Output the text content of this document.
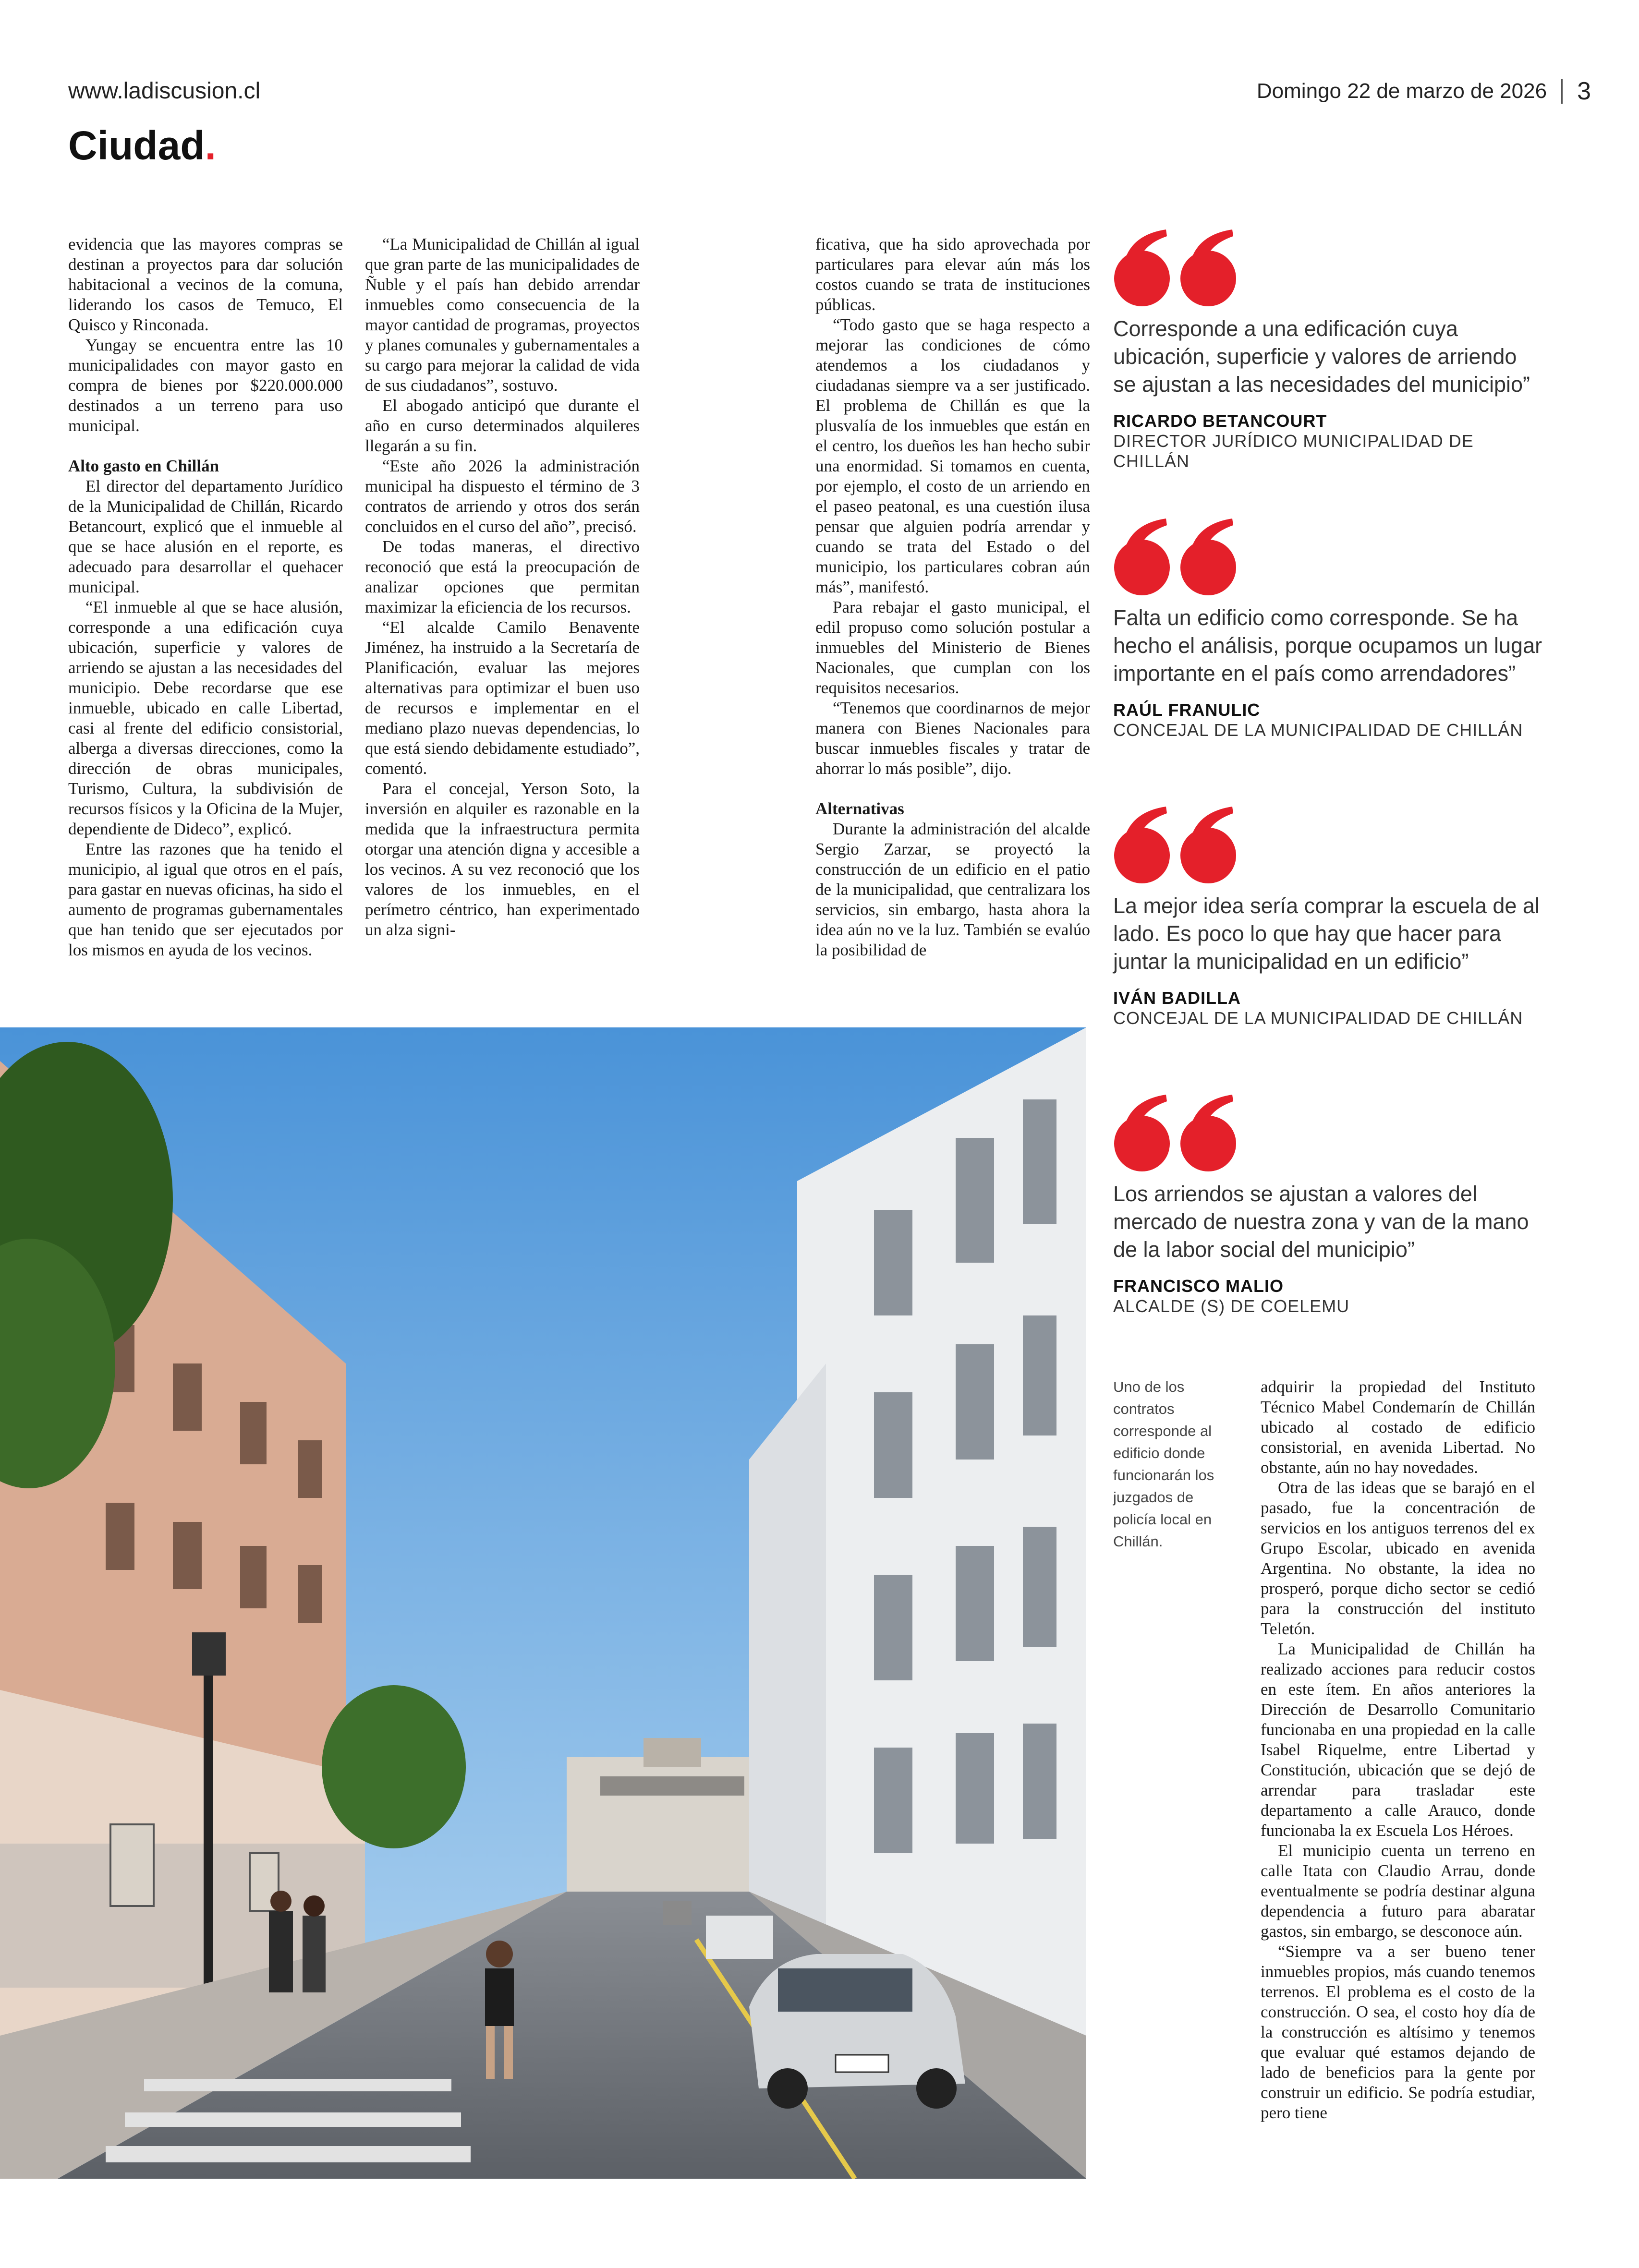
www.ladiscusion.cl	Domingo 22 de marzo de 2026 3
Ciudad.

evidencia que las mayores compras se destinan a proyectos para dar solución habitacional a vecinos de la comuna, liderando los casos de Temuco, El Quisco y Rinconada.

Yungay se encuentra entre las 10 municipalidades con mayor gasto en compra de bienes por $220.000.000 destinados a un terreno para uso municipal.

Alto gasto en Chillán

El director del departamento Jurídico de la Municipalidad de Chillán, Ricardo Betancourt, explicó que el inmueble al que se hace alusión en el reporte, es adecuado para desarrollar el quehacer municipal.

“El inmueble al que se hace alusión, corresponde a una edificación cuya ubicación, superficie y valores de arriendo se ajustan a las necesidades del municipio. Debe recordarse que ese inmueble, ubicado en calle Libertad, casi al frente del edificio consistorial, alberga a diversas direcciones, como la dirección de obras municipales, Turismo, Cultura, la subdivisión de recursos físicos y la Oficina de la Mujer, dependiente de Dideco”, explicó.

Entre las razones que ha tenido el municipio, al igual que otros en el país, para gastar en nuevas oficinas, ha sido el aumento de programas gubernamentales que han tenido que ser ejecutados por los mismos en ayuda de los vecinos.

“La Municipalidad de Chillán al igual que gran parte de las municipalidades de Ñuble y el país han debido arrendar inmuebles como consecuencia de la mayor cantidad de programas, proyectos y planes comunales y gubernamentales a su cargo para mejorar la calidad de vida de sus ciudadanos”, sostuvo.

El abogado anticipó que durante el año en curso determinados alquileres llegarán a su fin.

“Este año 2026 la administración municipal ha dispuesto el término de 3 contratos de arriendo y otros dos serán concluidos en el curso del año”, precisó.

De todas maneras, el directivo reconoció que está la preocupación de analizar opciones que permitan maximizar la eficiencia de los recursos.

“El alcalde Camilo Benavente Jiménez, ha instruido a la Secretaría de Planificación, evaluar las mejores alternativas para optimizar el buen uso de recursos e implementar en el mediano plazo nuevas dependencias, lo que está siendo debidamente estudiado”, comentó.

Para el concejal, Yerson Soto, la inversión en alquiler es razonable en la medida que la infraestructura permita otorgar una atención digna y accesible a los vecinos. A su vez reconoció que los valores de los inmuebles, en el perímetro céntrico, han experimentado un alza signi-

ficativa, que ha sido aprovechada por particulares para elevar aún más los costos cuando se trata de instituciones públicas.

“Todo gasto que se haga respecto a mejorar las condiciones de cómo atendemos a los ciudadanos y ciudadanas siempre va a ser justificado. El problema de Chillán es que la plusvalía de los inmuebles que están en el centro, los dueños les han hecho subir una enormidad. Si tomamos en cuenta, por ejemplo, el costo de un arriendo en el paseo peatonal, es una cuestión ilusa pensar que alguien podría arrendar y cuando se trata del Estado o del municipio, los particulares cobran aún más”, manifestó.

Para rebajar el gasto municipal, el edil propuso como solución postular a inmuebles del Ministerio de Bienes Nacionales, que cumplan con los requisitos necesarios.

“Tenemos que coordinarnos de mejor manera con Bienes Nacionales para buscar inmuebles fiscales y tratar de ahorrar lo más posible”, dijo.

Alternativas

Durante la administración del alcalde Sergio Zarzar, se proyectó la construcción de un edificio en el patio de la municipalidad, que centralizara los servicios, sin embargo, hasta ahora la idea aún no ve la luz. También se evalúo la posibilidad de

Corresponde a una edificación cuya ubicación, superficie y valores de arriendo se ajustan a las necesidades del municipio”
RICARDO BETANCOURT
DIRECTOR JURÍDICO MUNICIPALIDAD DE CHILLÁN
Falta un edificio como corresponde. Se ha hecho el análisis, porque ocupamos un lugar importante en el país como arrendadores”
RAÚL FRANULIC
CONCEJAL DE LA MUNICIPALIDAD DE CHILLÁN
La mejor idea sería comprar la escuela de al lado. Es poco lo que hay que hacer para juntar la municipalidad en un edificio”
IVÁN BADILLA
CONCEJAL DE LA MUNICIPALIDAD DE CHILLÁN
Los arriendos se ajustan a valores del mercado de nuestra zona y van de la mano de la labor social del municipio”
FRANCISCO MALIO
ALCALDE (S) DE COELEMU
Uno de los contratos corresponde al edificio donde funcionarán los juzgados de policía local en Chillán.

adquirir la propiedad del Instituto Técnico Mabel Condemarín de Chillán ubicado al costado de edificio consistorial, en avenida Libertad. No obstante, aún no hay novedades.

Otra de las ideas que se barajó en el pasado, fue la concentración de servicios en los antiguos terrenos del ex Grupo Escolar, ubicado en avenida Argentina. No obstante, la idea no prosperó, porque dicho sector se cedió para la construcción del instituto Teletón.

La Municipalidad de Chillán ha realizado acciones para reducir costos en este ítem. En años anteriores la Dirección de Desarrollo Comunitario funcionaba en una propiedad en la calle Isabel Riquelme, entre Libertad y Constitución, ubicación que se dejó de arrendar para trasladar este departamento a calle Arauco, donde funcionaba la ex Escuela Los Héroes.

El municipio cuenta un terreno en calle Itata con Claudio Arrau, donde eventualmente se podría destinar alguna dependencia a futuro para abaratar gastos, sin embargo, se desconoce aún.

“Siempre va a ser bueno tener inmuebles propios, más cuando tenemos terrenos. El problema es el costo de la construcción. O sea, el costo hoy día de la construcción es altísimo y tenemos que evaluar qué estamos dejando de lado de beneficios para la gente por construir un edificio. Se podría estudiar, pero tiene
